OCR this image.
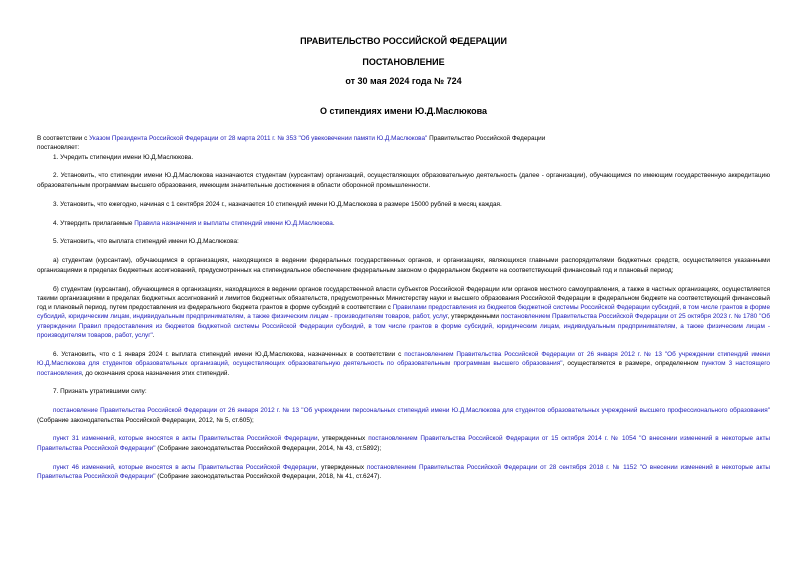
ПРАВИТЕЛЬСТВО РОССИЙСКОЙ ФЕДЕРАЦИИ
ПОСТАНОВЛЕНИЕ
от 30 мая 2024 года № 724
О стипендиях имени Ю.Д.Маслюкова

В соответствии с Указом Президента Российской Федерации от 28 марта 2011 г. № 353 "Об увековечении памяти Ю.Д.Маслюкова" Правительство Российской Федерации

постановляет:

1. Учредить стипендии имени Ю.Д.Маслюкова.

2. Установить, что стипендии имени Ю.Д.Маслюкова назначаются студентам (курсантам) организаций, осуществляющих образовательную деятельность (далее - организации), обучающимся по имеющим государственную аккредитацию образовательным программам высшего образования, имеющим значительные достижения в области оборонной промышленности.

3. Установить, что ежегодно, начиная с 1 сентября 2024 г., назначается 10 стипендий имени Ю.Д.Маслюкова в размере 15000 рублей в месяц каждая.

4. Утвердить прилагаемые Правила назначения и выплаты стипендий имени Ю.Д.Маслюкова.

5. Установить, что выплата стипендий имени Ю.Д.Маслюкова:

а) студентам (курсантам), обучающимся в организациях, находящихся в ведении федеральных государственных органов, и организациях, являющихся главными распорядителями бюджетных средств, осуществляется указанными организациями в пределах бюджетных ассигнований, предусмотренных на стипендиальное обеспечение федеральным законом о федеральном бюджете на соответствующий финансовый год и плановый период;

б) студентам (курсантам), обучающимся в организациях, находящихся в ведении органов государственной власти субъектов Российской Федерации или органов местного самоуправления, а также в частных организациях, осуществляется такими организациями в пределах бюджетных ассигнований и лимитов бюджетных обязательств, предусмотренных Министерству науки и высшего образования Российской Федерации в федеральном бюджете на соответствующий финансовый год и плановый период, путем предоставления из федерального бюджета грантов в форме субсидий в соответствии с Правилами предоставления из бюджетов бюджетной системы Российской Федерации субсидий, в том числе грантов в форме субсидий, юридическим лицам, индивидуальным предпринимателям, а также физическим лицам - производителям товаров, работ, услуг, утвержденными постановлением Правительства Российской Федерации от 25 октября 2023 г. № 1780 "Об утверждении Правил предоставления из бюджетов бюджетной системы Российской Федерации субсидий, в том числе грантов в форме субсидий, юридическим лицам, индивидуальным предпринимателям, а также физическим лицам - производителям товаров, работ, услуг".

6. Установить, что с 1 января 2024 г. выплата стипендий имени Ю.Д.Маслюкова, назначенных в соответствии с постановлением Правительства Российской Федерации от 26 января 2012 г. № 13 "Об учреждении стипендий имени Ю.Д.Маслюкова для студентов образовательных организаций, осуществляющих образовательную деятельность по образовательным программам высшего образования", осуществляется в размере, определенном пунктом 3 настоящего постановления, до окончания срока назначения этих стипендий.

7. Признать утратившими силу:

постановление Правительства Российской Федерации от 26 января 2012 г. № 13 "Об учреждении персональных стипендий имени Ю.Д.Маслюкова для студентов образовательных учреждений высшего профессионального образования" (Собрание законодательства Российской Федерации, 2012, № 5, ст.605);

пункт 31 изменений, которые вносятся в акты Правительства Российской Федерации, утвержденных постановлением Правительства Российской Федерации от 15 октября 2014 г. № 1054 "О внесении изменений в некоторые акты Правительства Российской Федерации" (Собрание законодательства Российской Федерации, 2014, № 43, ст.5892);

пункт 46 изменений, которые вносятся в акты Правительства Российской Федерации, утвержденных постановлением Правительства Российской Федерации от 28 сентября 2018 г. № 1152 "О внесении изменений в некоторые акты Правительства Российской Федерации" (Собрание законодательства Российской Федерации, 2018, № 41, ст.6247).
